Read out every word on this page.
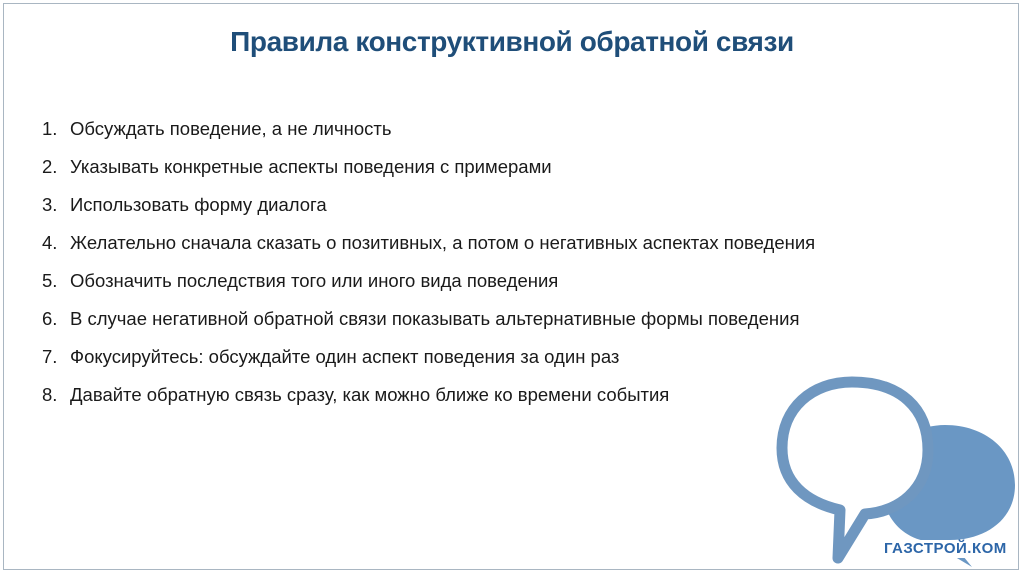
Правила конструктивной обратной связи
1. Обсуждать поведение, а не личность
2. Указывать конкретные аспекты поведения с примерами
3. Использовать форму диалога
4. Желательно сначала сказать о позитивных, а потом о негативных аспектах поведения
5. Обозначить последствия того или иного вида поведения
6. В случае негативной обратной связи показывать альтернативные формы поведения
7. Фокусируйтесь: обсуждайте один аспект поведения за один раз
8. Давайте обратную связь сразу, как можно ближе ко времени события
ГАЗСТРОЙ.КОМ
